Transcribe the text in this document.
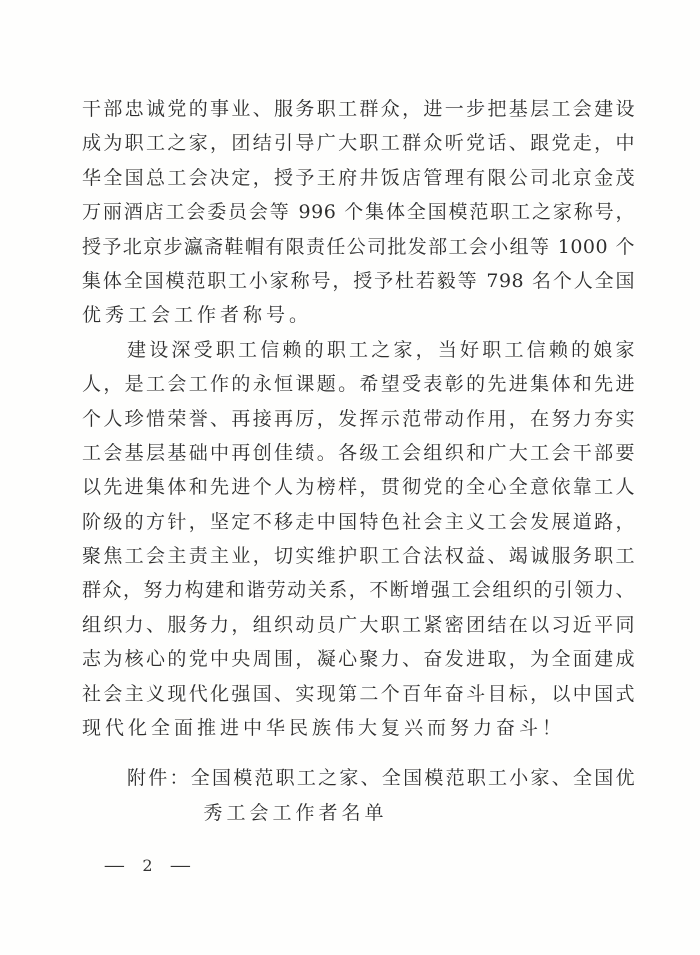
干部忠诚党的事业、服务职工群众，进一步把基层工会建设
成为职工之家，团结引导广大职工群众听党话、跟党走，中
华全国总工会决定，授予王府井饭店管理有限公司北京金茂
万丽酒店工会委员会等 996 个集体全国模范职工之家称号，
授予北京步瀛斋鞋帽有限责任公司批发部工会小组等 1000 个
集体全国模范职工小家称号，授予杜若毅等 798 名个人全国
优秀工会工作者称号。
建设深受职工信赖的职工之家，当好职工信赖的娘家
人，是工会工作的永恒课题。希望受表彰的先进集体和先进
个人珍惜荣誉、再接再厉，发挥示范带动作用，在努力夯实
工会基层基础中再创佳绩。各级工会组织和广大工会干部要
以先进集体和先进个人为榜样，贯彻党的全心全意依靠工人
阶级的方针，坚定不移走中国特色社会主义工会发展道路，
聚焦工会主责主业，切实维护职工合法权益、竭诚服务职工
群众，努力构建和谐劳动关系，不断增强工会组织的引领力、
组织力、服务力，组织动员广大职工紧密团结在以习近平同
志为核心的党中央周围，凝心聚力、奋发进取，为全面建成
社会主义现代化强国、实现第二个百年奋斗目标，以中国式
现代化全面推进中华民族伟大复兴而努力奋斗！
附件：全国模范职工之家、全国模范职工小家、全国优
秀工会工作者名单
— 2 —
